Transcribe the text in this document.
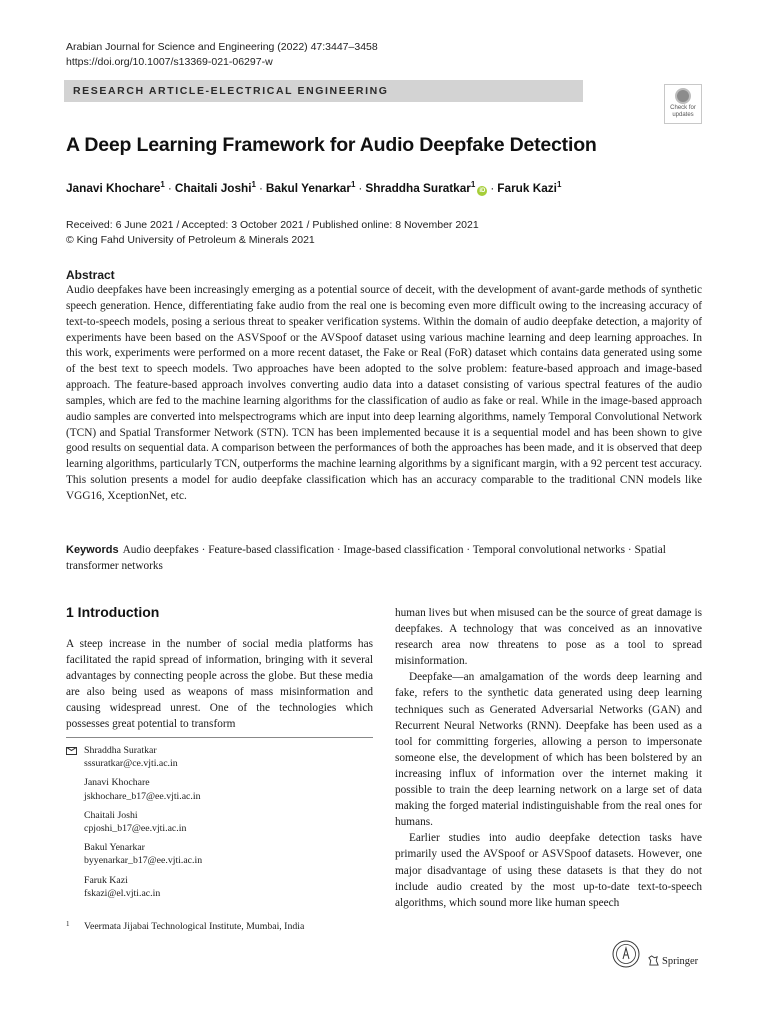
Arabian Journal for Science and Engineering (2022) 47:3447–3458
https://doi.org/10.1007/s13369-021-06297-w
RESEARCH ARTICLE-ELECTRICAL ENGINEERING
Check for
updates
A Deep Learning Framework for Audio Deepfake Detection
Janavi Khochare$^1$ · Chaitali Joshi$^1$ · Bakul Yenarkar$^1$ · Shraddha Suratkar$^1$iD · Faruk Kazi$^1$
Received: 6 June 2021 / Accepted: 3 October 2021 / Published online: 8 November 2021
© King Fahd University of Petroleum & Minerals 2021
Abstract

Audio deepfakes have been increasingly emerging as a potential source of deceit, with the development of avant-garde methods of synthetic speech generation. Hence, differentiating fake audio from the real one is becoming even more difficult owing to the increasing accuracy of text-to-speech models, posing a serious threat to speaker verification systems. Within the domain of audio deepfake detection, a majority of experiments have been based on the ASVSpoof or the AVSpoof dataset using various machine learning and deep learning approaches. In this work, experiments were performed on a more recent dataset, the Fake or Real (FoR) dataset which contains data generated using some of the best text to speech models. Two approaches have been adopted to the solve problem: feature-based approach and image-based approach. The feature-based approach involves converting audio data into a dataset consisting of various spectral features of the audio samples, which are fed to the machine learning algorithms for the classification of audio as fake or real. While in the image-based approach audio samples are converted into melspectrograms which are input into deep learning algorithms, namely Temporal Convolutional Network (TCN) and Spatial Transformer Network (STN). TCN has been implemented because it is a sequential model and has been shown to give good results on sequential data. A comparison between the performances of both the approaches has been made, and it is observed that deep learning algorithms, particularly TCN, outperforms the machine learning algorithms by a significant margin, with a 92 percent test accuracy. This solution presents a model for audio deepfake classification which has an accuracy comparable to the traditional CNN models like VGG16, XceptionNet, etc.

Keywords Audio deepfakes · Feature-based classification · Image-based classification · Temporal convolutional networks · Spatial transformer networks
1 Introduction

A steep increase in the number of social media platforms has facilitated the rapid spread of information, bringing with it several advantages by connecting people across the globe. But these media are also being used as weapons of mass misinformation and causing widespread unrest. One of the technologies which possesses great potential to transform

Shraddha Suratkar
sssuratkar@ce.vjti.ac.in
Janavi Khochare
jskhochare_b17@ee.vjti.ac.in
Chaitali Joshi
cpjoshi_b17@ee.vjti.ac.in
Bakul Yenarkar
byyenarkar_b17@ee.vjti.ac.in
Faruk Kazi
fskazi@el.vjti.ac.in
1 Veermata Jijabai Technological Institute, Mumbai, India

human lives but when misused can be the source of great damage is deepfakes. A technology that was conceived as an innovative research area now threatens to pose as a tool to spread misinformation.

Deepfake—an amalgamation of the words deep learning and fake, refers to the synthetic data generated using deep learning techniques such as Generated Adversarial Networks (GAN) and Recurrent Neural Networks (RNN). Deepfake has been used as a tool for committing forgeries, allowing a person to impersonate someone else, the development of which has been bolstered by an increasing influx of information over the internet making it possible to train the deep learning network on a large set of data making the forged material indistinguishable from the real ones for humans.

Earlier studies into audio deepfake detection tasks have primarily used the AVSpoof or ASVSpoof datasets. However, one major disadvantage of using these datasets is that they do not include audio created by the most up-to-date text-to-speech algorithms, which sound more like human speech

Springer
